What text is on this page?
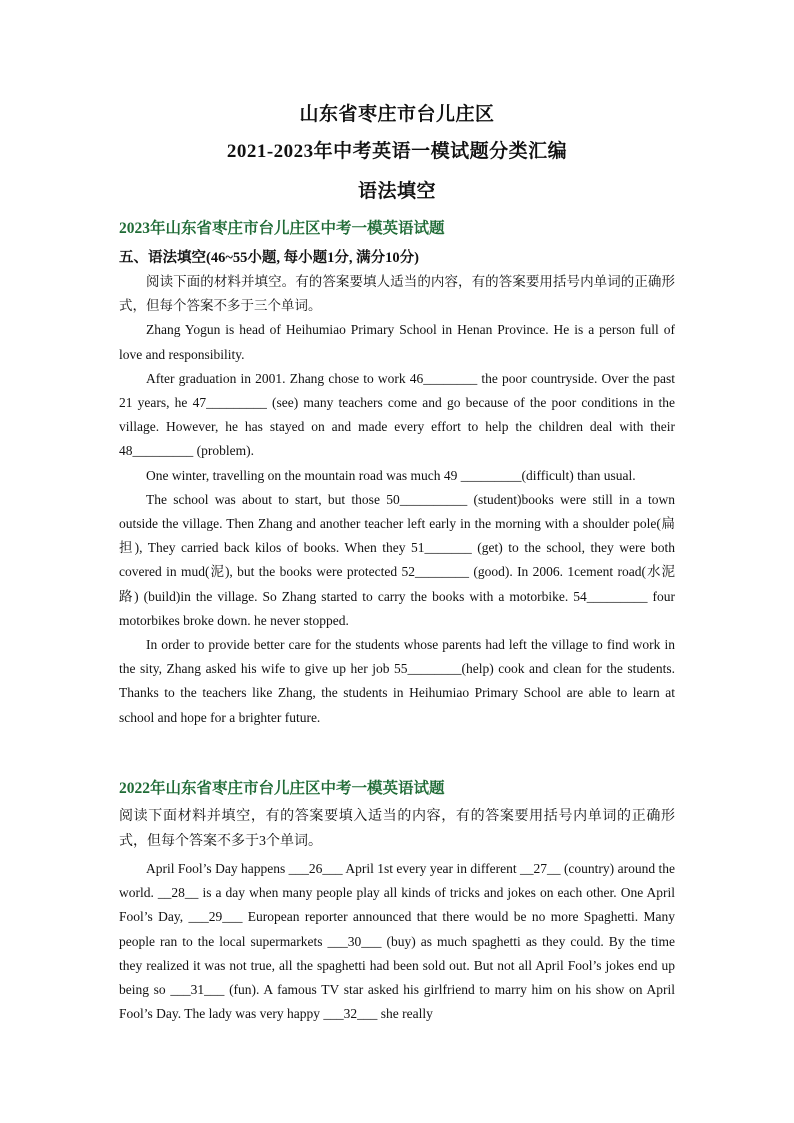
山东省枣庄市台儿庄区
2021-2023年中考英语一模试题分类汇编
语法填空
2023年山东省枣庄市台儿庄区中考一模英语试题
五、语法填空(46~55小题, 每小题1分, 满分10分)

阅读下面的材料并填空。有的答案要填人适当的内容，有的答案要用括号内单词的正确形式，但每个答案不多于三个单词。

Zhang Yogun is head of Heihumiao Primary School in Henan Province. He is a person full of love and responsibility.

After graduation in 2001. Zhang chose to work 46________ the poor countryside. Over the past 21 years, he 47_________ (see) many teachers come and go because of the poor conditions in the village. However, he has stayed on and made every effort to help the children deal with their 48_________ (problem).

One winter, travelling on the mountain road was much 49 _________(difficult) than usual.

The school was about to start, but those 50__________ (student)books were still in a town outside the village. Then Zhang and another teacher left early in the morning with a shoulder pole(扁担), They carried back kilos of books. When they 51_______ (get) to the school, they were both covered in mud(泥), but the books were protected 52________ (good). In 2006. 1cement road(水泥路) (build)in the village. So Zhang started to carry the books with a motorbike. 54_________ four motorbikes broke down. he never stopped.

In order to provide better care for the students whose parents had left the village to find work in the sity, Zhang asked his wife to give up her job 55________(help) cook and clean for the students. Thanks to the teachers like Zhang, the students in Heihumiao Primary School are able to learn at school and hope for a brighter future.

2022年山东省枣庄市台儿庄区中考一模英语试题

阅读下面材料并填空，有的答案要填入适当的内容，有的答案要用括号内单词的正确形式，但每个答案不多于3个单词。

April Fool’s Day happens ___26___ April 1st every year in different __27__ (country) around the world. __28__ is a day when many people play all kinds of tricks and jokes on each other. One April Fool’s Day, ___29___ European reporter announced that there would be no more Spaghetti. Many people ran to the local supermarkets ___30___ (buy) as much spaghetti as they could. By the time they realized it was not true, all the spaghetti had been sold out. But not all April Fool’s jokes end up being so ___31___ (fun). A famous TV star asked his girlfriend to marry him on his show on April Fool’s Day. The lady was very happy ___32___ she really
